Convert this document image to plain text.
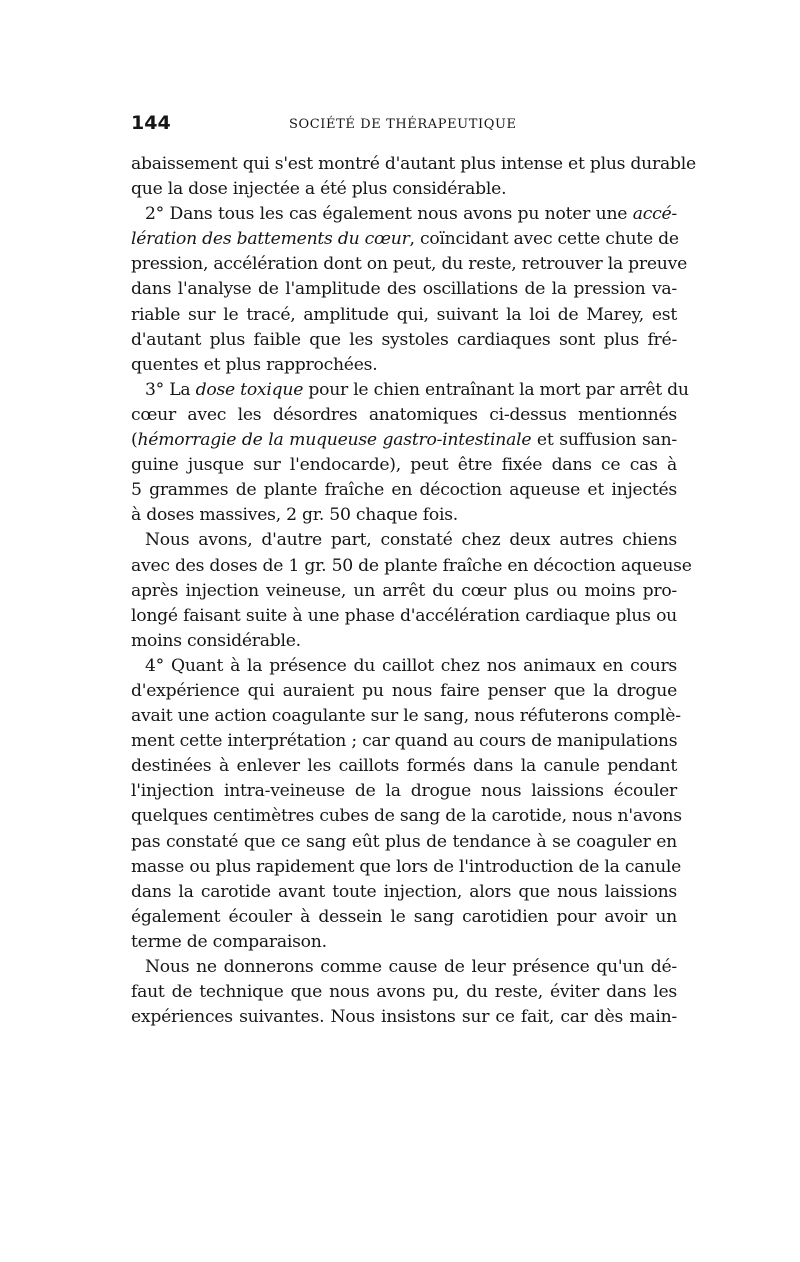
144	SOCIÉTÉ DE THÉRAPEUTIQUE
abaissement qui s'est montré d'autant plus intense et plus durable
que la dose injectée a été plus considérable.
2° Dans tous les cas également nous avons pu noter une accé-
lération des battements du cœur, coïncidant avec cette chute de
pression, accélération dont on peut, du reste, retrouver la preuve
dans l'analyse de l'amplitude des oscillations de la pression va-
riable sur le tracé, amplitude qui, suivant la loi de Marey, est
d'autant plus faible que les systoles cardiaques sont plus fré-
quentes et plus rapprochées.
3° La dose toxique pour le chien entraînant la mort par arrêt du
cœur avec les désordres anatomiques ci-dessus mentionnés
(hémorragie de la muqueuse gastro-intestinale et suffusion san-
guine jusque sur l'endocarde), peut être fixée dans ce cas à
5 grammes de plante fraîche en décoction aqueuse et injectés
à doses massives, 2 gr. 50 chaque fois.
Nous avons, d'autre part, constaté chez deux autres chiens
avec des doses de 1 gr. 50 de plante fraîche en décoction aqueuse
après injection veineuse, un arrêt du cœur plus ou moins pro-
longé faisant suite à une phase d'accélération cardiaque plus ou
moins considérable.
4° Quant à la présence du caillot chez nos animaux en cours
d'expérience qui auraient pu nous faire penser que la drogue
avait une action coagulante sur le sang, nous réfuterons complè-
ment cette interprétation ; car quand au cours de manipulations
destinées à enlever les caillots formés dans la canule pendant
l'injection intra-veineuse de la drogue nous laissions écouler
quelques centimètres cubes de sang de la carotide, nous n'avons
pas constaté que ce sang eût plus de tendance à se coaguler en
masse ou plus rapidement que lors de l'introduction de la canule
dans la carotide avant toute injection, alors que nous laissions
également écouler à dessein le sang carotidien pour avoir un
terme de comparaison.
Nous ne donnerons comme cause de leur présence qu'un dé-
faut de technique que nous avons pu, du reste, éviter dans les
expériences suivantes. Nous insistons sur ce fait, car dès main-
